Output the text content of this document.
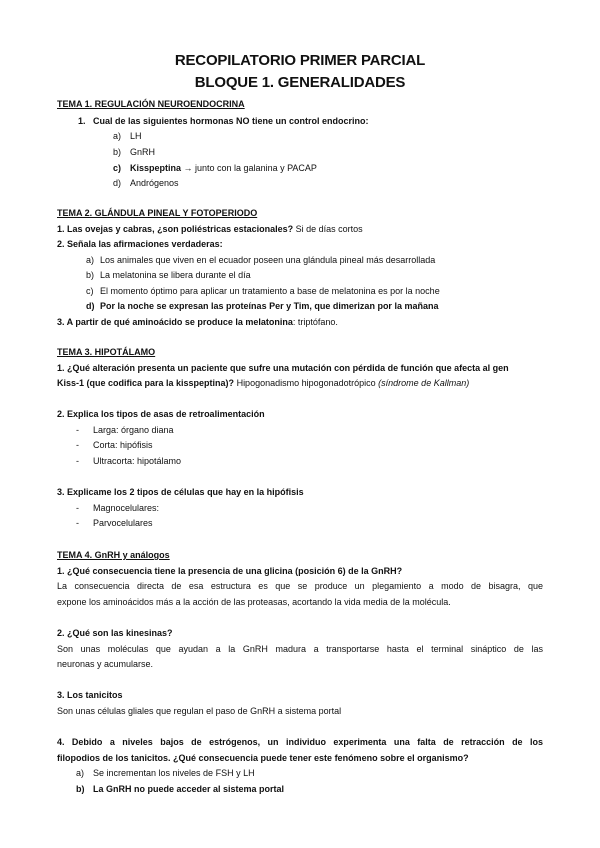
RECOPILATORIO PRIMER PARCIAL
BLOQUE 1. GENERALIDADES
TEMA 1. REGULACIÓN NEUROENDOCRINA
1. Cual de las siguientes hormonas NO tiene un control endocrino:
a) LH
b) GnRH
c) Kisspeptina → junto con la galanina y PACAP
d) Andrógenos
TEMA 2. GLÁNDULA PINEAL Y FOTOPERIODO
1. Las ovejas y cabras, ¿son poliéstricas estacionales? Si de días cortos
2. Señala las afirmaciones verdaderas:
a) Los animales que viven en el ecuador poseen una glándula pineal más desarrollada
b) La melatonina se libera durante el día
c) El momento óptimo para aplicar un tratamiento a base de melatonina es por la noche
d) Por la noche se expresan las proteínas Per y Tim, que dimerizan por la mañana
3. A partir de qué aminoácido se produce la melatonina: triptófano.
TEMA 3. HIPOTÁLAMO
1. ¿Qué alteración presenta un paciente que sufre una mutación con pérdida de función que afecta al gen
Kiss-1 (que codifica para la kisspeptina)? Hipogonadismo hipogonadotrópico (síndrome de Kallman)
2. Explica los tipos de asas de retroalimentación
- Larga: órgano diana
- Corta: hipófisis
- Ultracorta: hipotálamo
3. Explicame los 2 tipos de células que hay en la hipófisis
- Magnocelulares:
- Parvocelulares
TEMA 4. GnRH y análogos
1. ¿Qué consecuencia tiene la presencia de una glicina (posición 6) de la GnRH?
La consecuencia directa de esa estructura es que se produce un plegamiento a modo de bisagra, que
expone los aminoácidos más a la acción de las proteasas, acortando la vida media de la molécula.
2. ¿Qué son las kinesinas?
Son unas moléculas que ayudan a la GnRH madura a transportarse hasta el terminal sináptico de las
neuronas y acumularse.
3. Los tanicitos
Son unas células gliales que regulan el paso de GnRH a sistema portal
4. Debido a niveles bajos de estrógenos, un individuo experimenta una falta de retracción de los
filopodios de los tanicitos. ¿Qué consecuencia puede tener este fenómeno sobre el organismo?
a) Se incrementan los niveles de FSH y LH
b) La GnRH no puede acceder al sistema portal
